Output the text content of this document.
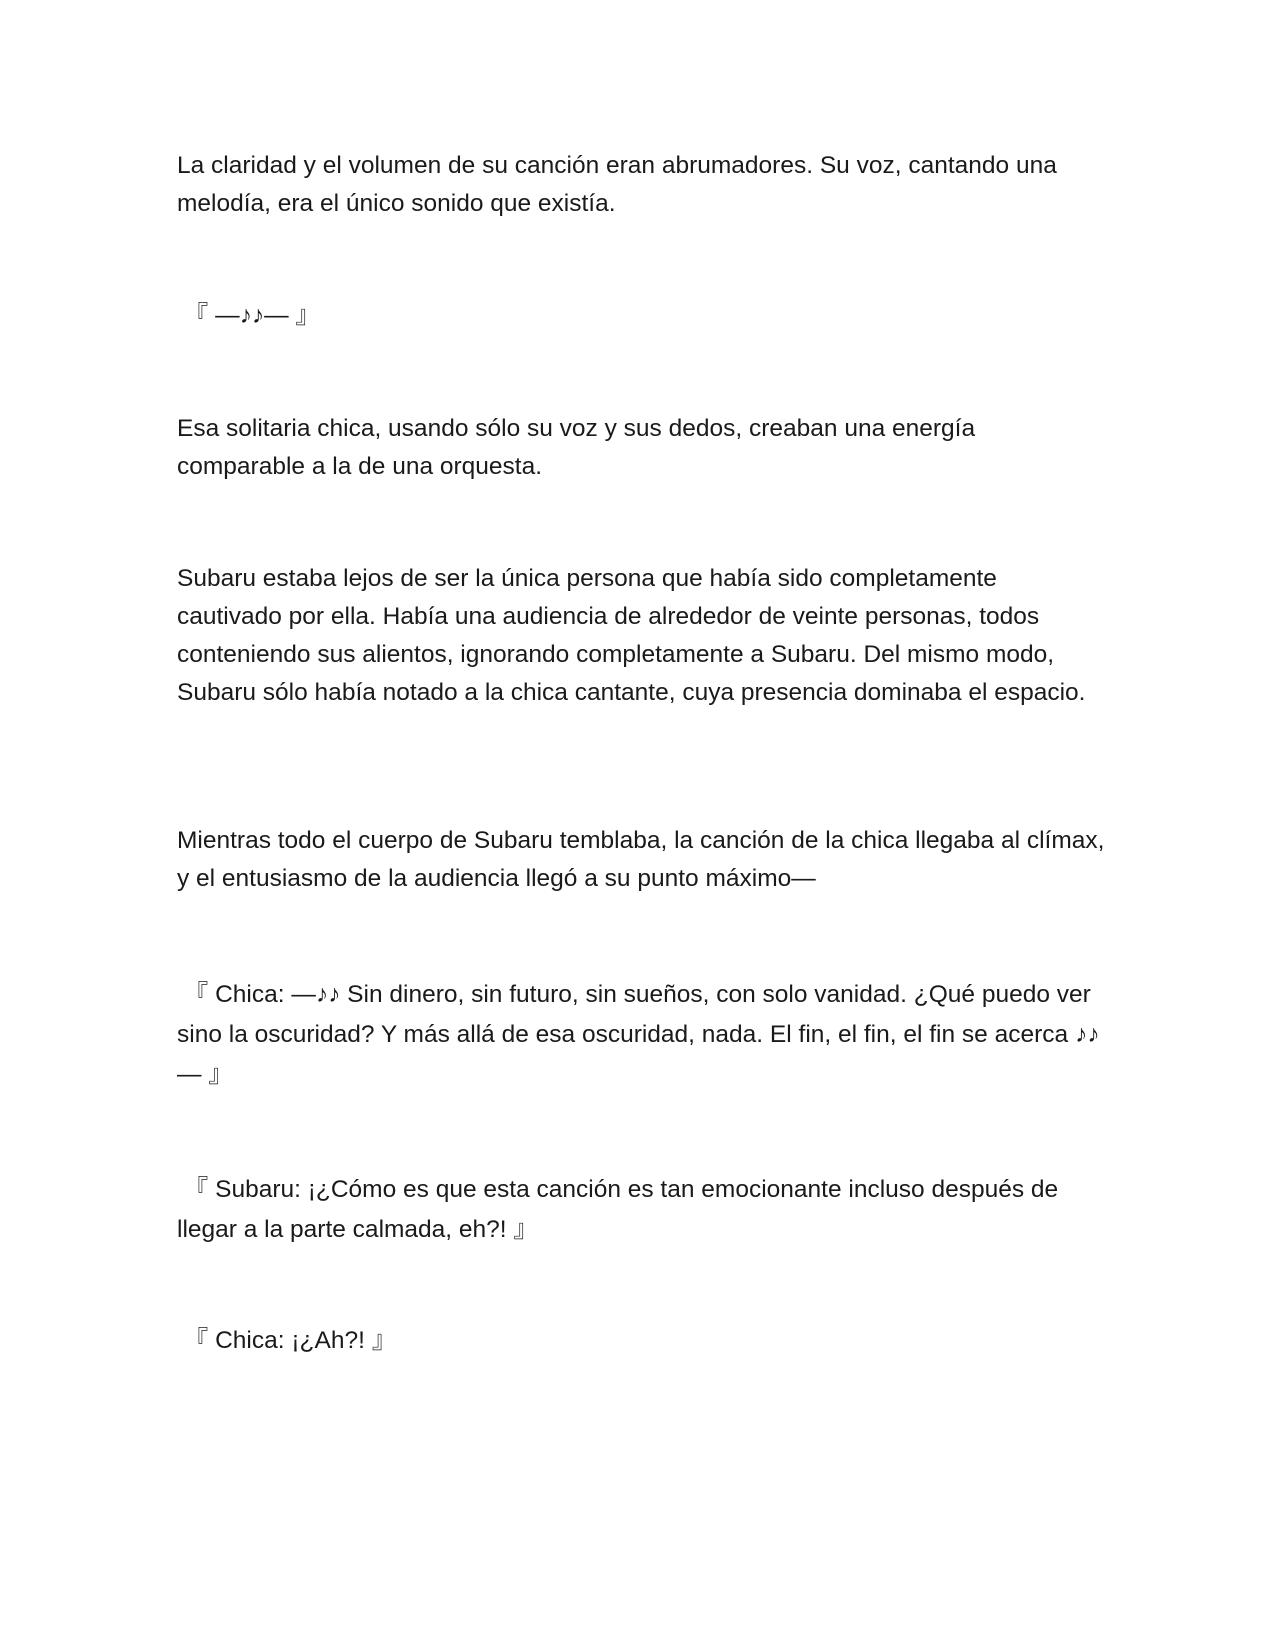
La claridad y el volumen de su canción eran abrumadores. Su voz, cantando una melodía, era el único sonido que existía.

『 —♪♪— 』

Esa solitaria chica, usando sólo su voz y sus dedos, creaban una energía comparable a la de una orquesta.

Subaru estaba lejos de ser la única persona que había sido completamente cautivado por ella. Había una audiencia de alrededor de veinte personas, todos conteniendo sus alientos, ignorando completamente a Subaru. Del mismo modo, Subaru sólo había notado a la chica cantante, cuya presencia dominaba el espacio.

Mientras todo el cuerpo de Subaru temblaba, la canción de la chica llegaba al clímax, y el entusiasmo de la audiencia llegó a su punto máximo—

『 Chica: —♪♪ Sin dinero, sin futuro, sin sueños, con solo vanidad. ¿Qué puedo ver sino la oscuridad? Y más allá de esa oscuridad, nada. El fin, el fin, el fin se acerca ♪♪— 』

『 Subaru: ¡¿Cómo es que esta canción es tan emocionante incluso después de llegar a la parte calmada, eh?! 』

『 Chica: ¡¿Ah?! 』
